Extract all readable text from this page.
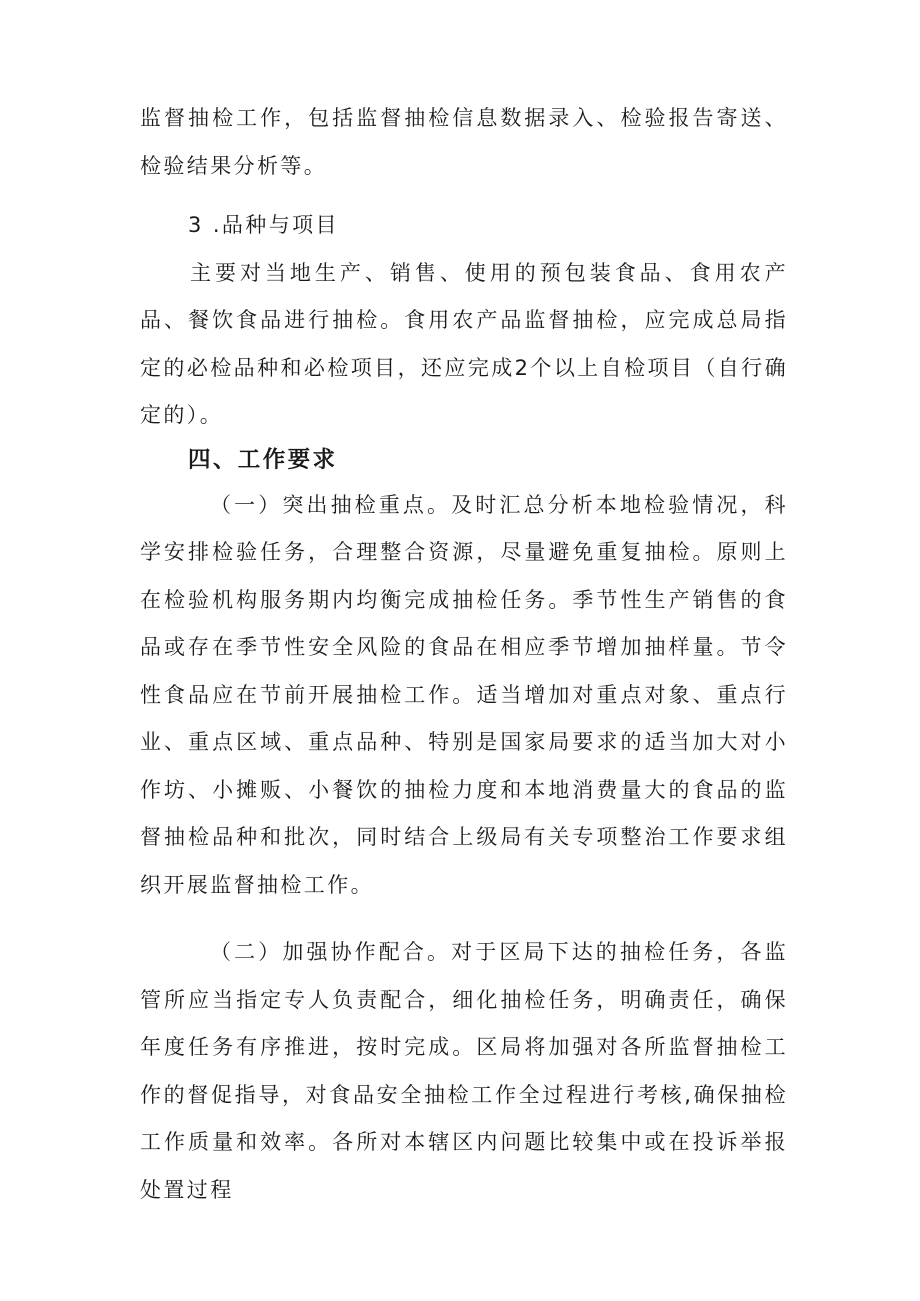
监督抽检工作，包括监督抽检信息数据录入、检验报告寄送、检验结果分析等。

3 .品种与项目

主要对当地生产、销售、使用的预包装食品、食用农产品、餐饮食品进行抽检。食用农产品监督抽检，应完成总局指定的必检品种和必检项目，还应完成2个以上自检项目（自行确定的）。

四、工作要求

（一）突出抽检重点。及时汇总分析本地检验情况，科学安排检验任务，合理整合资源，尽量避免重复抽检。原则上在检验机构服务期内均衡完成抽检任务。季节性生产销售的食品或存在季节性安全风险的食品在相应季节增加抽样量。节令性食品应在节前开展抽检工作。适当增加对重点对象、重点行业、重点区域、重点品种、特别是国家局要求的适当加大对小作坊、小摊贩、小餐饮的抽检力度和本地消费量大的食品的监督抽检品种和批次，同时结合上级局有关专项整治工作要求组织开展监督抽检工作。

（二）加强协作配合。对于区局下达的抽检任务，各监管所应当指定专人负责配合，细化抽检任务，明确责任，确保年度任务有序推进，按时完成。区局将加强对各所监督抽检工作的督促指导，对食品安全抽检工作全过程进行考核,确保抽检工作质量和效率。各所对本辖区内问题比较集中或在投诉举报处置过程
